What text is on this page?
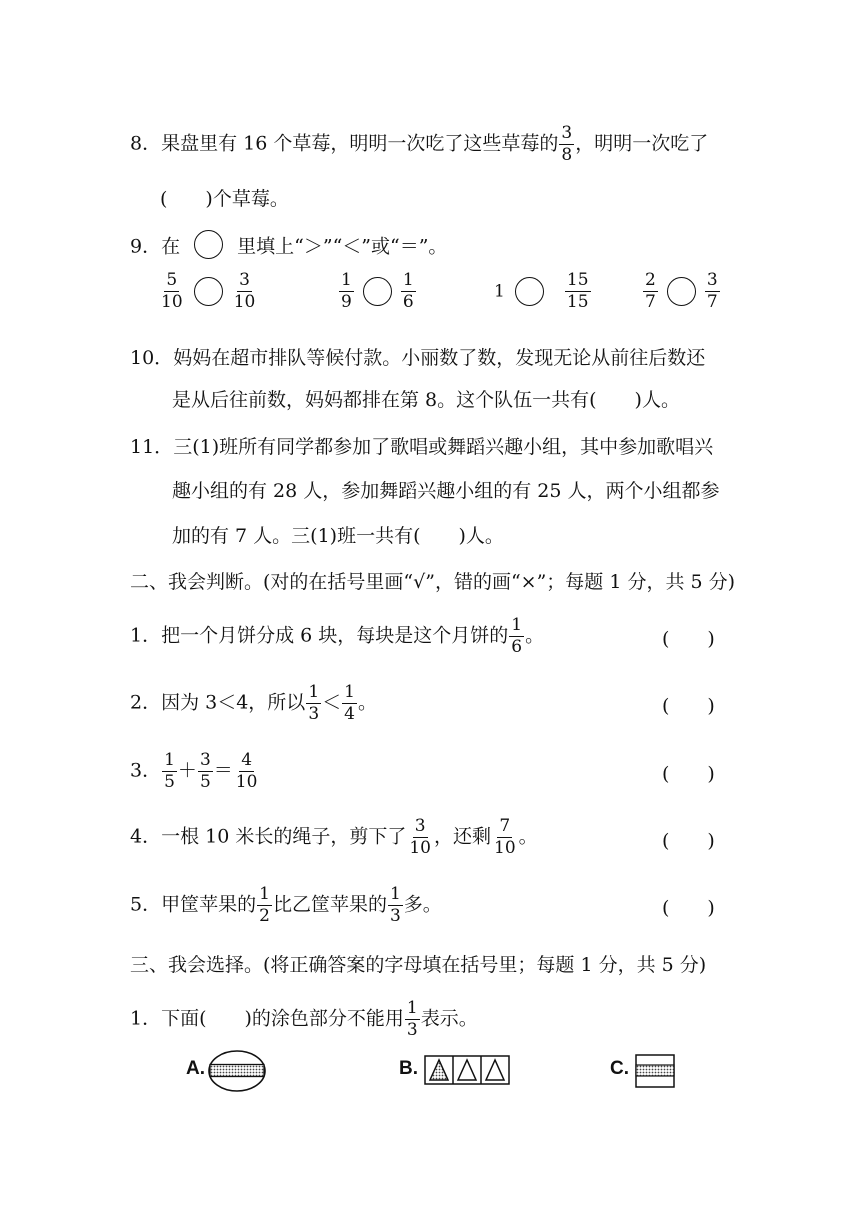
8．果盘里有 16 个草莓，明明一次吃了这些草莓的 $\frac{3}{8}$ ，明明一次吃了
(　　)个草莓。
9．在	里填上“＞”“＜”或“＝”。
$\frac{5}{10}$
	$\frac{3}{10}$	$\frac{1}{9}$
	$\frac{1}{6}$	1	$\frac{15}{15}$	$\frac{2}{7}$
	$\frac{3}{7}$
10．妈妈在超市排队等候付款。小丽数了数，发现无论从前往后数还
是从后往前数，妈妈都排在第 8。这个队伍一共有(　　)人。
11．三(1)班所有同学都参加了歌唱或舞蹈兴趣小组，其中参加歌唱兴
趣小组的有 28 人，参加舞蹈兴趣小组的有 25 人，两个小组都参
加的有 7 人。三(1)班一共有(　　)人。
二、我会判断。(对的在括号里画“√”，错的画“×”；每题 1 分，共 5 分)
1．把一个月饼分成 6 块，每块是这个月饼的 $\frac{1}{6}$ 。	(　　)
2．因为 3＜4，所以 $\frac{1}{3} < \frac{1}{4}$ 。	(　　)
3． $\frac{1}{5} + \frac{3}{5} = \frac{4}{10}$	(　　)
4．一根 10 米长的绳子，剪下了 $\frac{3}{10}$ ，还剩 $\frac{7}{10}$ 。	(　　)
5．甲筐苹果的 $\frac{1}{2}$ 比乙筐苹果的 $\frac{1}{3}$ 多。	(　　)
三、我会选择。(将正确答案的字母填在括号里；每题 1 分，共 5 分)
1．下面(　　)的涂色部分不能用 $\frac{1}{3}$ 表示。
A.	B.	C.
